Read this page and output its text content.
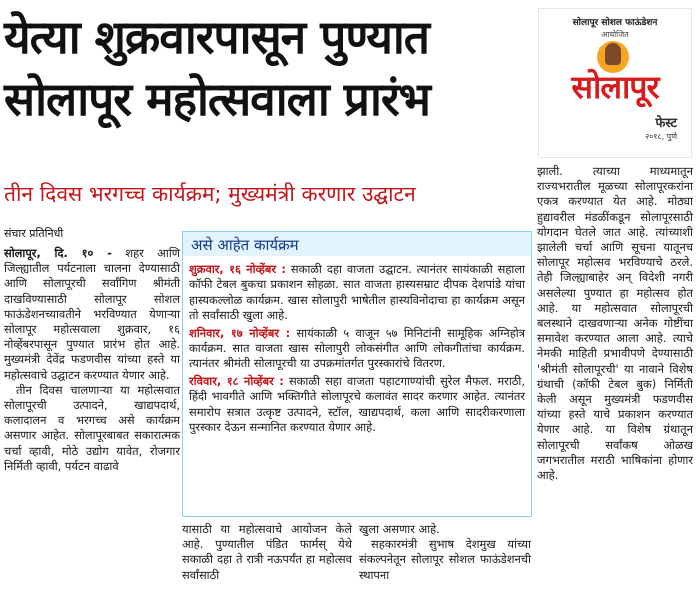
येत्या शुक्रवारपासून पुण्यात
सोलापूर महोत्सवाला प्रारंभ
तीन दिवस भरगच्च कार्यक्रम; मुख्यमंत्री करणार उद्घाटन
सोलापूर सोशल फाऊंडेशन
आयोजित
सोलापूर
फेस्ट
२०१८, पुणे
संचार प्रतिनिधी

सोलापूर, दि. १० - शहर आणि जिल्ह्यातील पर्यटनाला चालना देण्यासाठी आणि सोलापूरची सर्वांगिण श्रीमंती दाखविण्यासाठी सोलापूर सोशल फाऊंडेशनच्यावतीने भरविण्यात येणाऱ्या सोलापूर महोत्सवाला शुक्रवार, १६ नोव्हेंबरपासून पुण्यात प्रारंभ होत आहे. मुख्यमंत्री देवेंद्र फडणवीस यांच्या हस्ते या महोत्सवाचे उद्घाटन करण्यात येणार आहे.

तीन दिवस चालणाऱ्या या महोत्सवात सोलापूरची उत्पादने, खाद्यपदार्थ, कलादालन व भरगच्च असे कार्यक्रम असणार आहेत. सोलापूरबाबत सकारात्मक चर्चा व्हावी, मोठे उद्योग यावेत, रोजगार निर्मिती व्हावी, पर्यटन वाढावे

असे आहेत कार्यक्रम

शुक्रवार, १६ नोव्हेंबर : सकाळी दहा वाजता उद्घाटन. त्यानंतर सायंकाळी सहाला कॉफी टेबल बुकचा प्रकाशन सोहळा. सात वाजता हास्यसम्राट दीपक देशपांडे यांचा हास्यकल्लोळ कार्यक्रम. खास सोलापुरी भाषेतील हास्यविनोदाचा हा कार्यक्रम असून तो सर्वांसाठी खुला आहे.

शनिवार, १७ नोव्हेंबर : सायंकाळी ५ वाजून ५७ मिनिटांनी सामूहिक अग्निहोत्र कार्यक्रम. सात वाजता खास सोलापुरी लोकसंगीत आणि लोकगीतांचा कार्यक्रम. त्यानंतर श्रीमंती सोलापूरची या उपक्रमांतर्गत पुरस्कारांचे वितरण.

रविवार, १८ नोव्हेंबर : सकाळी सहा वाजता पहाटगाण्यांची सुरेल मैफल. मराठी, हिंदी भावगीते आणि भक्तिगीते सोलापूरचे कलावंत सादर करणार आहेत. त्यानंतर समारोप सत्रात उत्कृष्ट उत्पादने, स्टॉल, खाद्यपदार्थ, कला आणि सादरीकरणाला पुरस्कार देऊन सन्मानित करण्यात येणार आहे.

यासाठी या महोत्सवाचे आयोजन केले आहे. पुण्यातील पंडित फार्मस् येथे सकाळी दहा ते रात्री नऊपर्यंत हा महोत्सव सर्वांसाठी
खुला असणार आहे.

सहकारमंत्री सुभाष देशमुख यांच्या संकल्पनेतून सोलापूर सोशल फाऊंडेशनची स्थापना

झाली. त्याच्या माध्यमातून राज्यभरातील मूळच्या सोलापूरकरांना एकत्र करण्यात येत आहे. मोठ्या हुद्यावरील मंडळींकडून सोलापूरसाठी योगदान घेतले जात आहे. त्यांच्याशी झालेली चर्चा आणि सूचना यातूनच सोलापूर महोत्सव भरविण्याचे ठरले. तेही जिल्ह्याबाहेर अन् विदेशी नगरी असलेल्या पुण्यात हा महोत्सव होत आहे. या महोत्सवात सोलापूरची बलस्थाने दाखवणाऱ्या अनेक गोष्टींचा समावेश करण्यात आला आहे. त्याचे नेमकी माहिती प्रभावीपणे देण्यासाठी 'श्रीमंती सोलापूरची' या नावाने विशेष ग्रंथाची (कॉफी टेबल बुक) निर्मिती केली असून मुख्यमंत्री फडणवीस यांच्या हस्ते याचे प्रकाशन करण्यात येणार आहे. या विशेष ग्रंथातून सोलापूरची सर्वांकष ओळख जगभरातील मराठी भाषिकांना होणार आहे.
